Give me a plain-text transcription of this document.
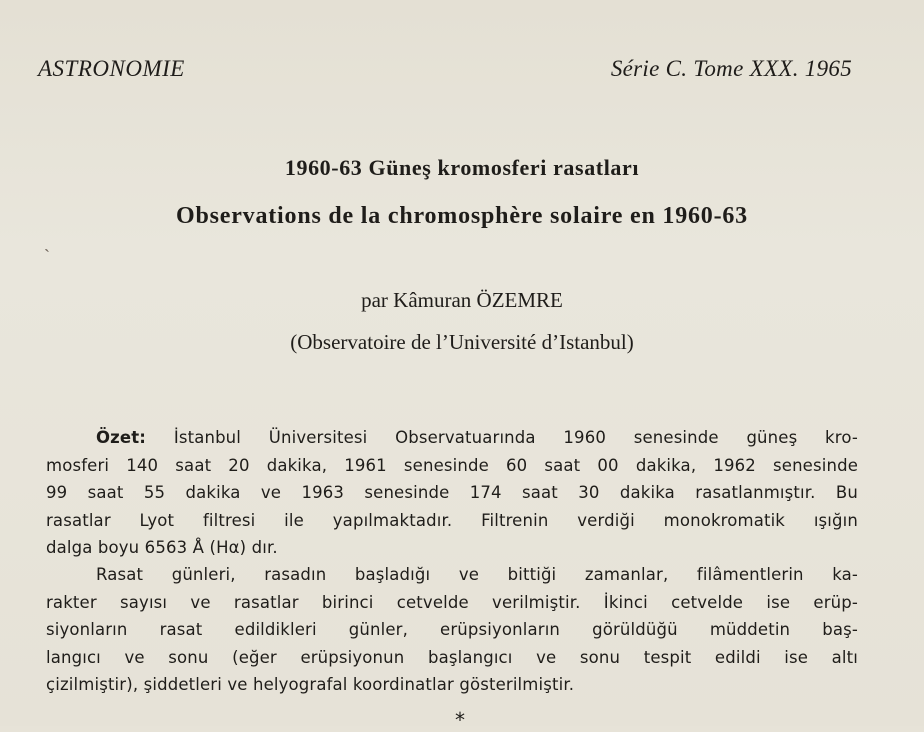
ASTRONOMIE	Série C. Tome XXX. 1965
1960-63 Güneş kromosferi rasatları
ˏ
Observations de la chromosphère solaire en 1960-63
par Kâmuran ÖZEMRE
(Observatoire de l’Université d’Istanbul)
Özet: İstanbul Üniversitesi Observatuarında 1960 senesinde güneş kro-
mosferi 140 saat 20 dakika, 1961 senesinde 60 saat 00 dakika, 1962 senesinde
99 saat 55 dakika ve 1963 senesinde 174 saat 30 dakika rasatlanmıştır. Bu
rasatlar Lyot filtresi ile yapılmaktadır. Filtrenin verdiği monokromatik ışığın
dalga boyu 6563 Å (Hα) dır.
Rasat günleri, rasadın başladığı ve bittiği zamanlar, filâmentlerin ka-
rakter sayısı ve rasatlar birinci cetvelde verilmiştir. İkinci cetvelde ise erüp-
siyonların rasat edildikleri günler, erüpsiyonların görüldüğü müddetin baş-
langıcı ve sonu (eğer erüpsiyonun başlangıcı ve sonu tespit edildi ise altı
çizilmiştir), şiddetleri ve helyografal koordinatlar gösterilmiştir.
*
